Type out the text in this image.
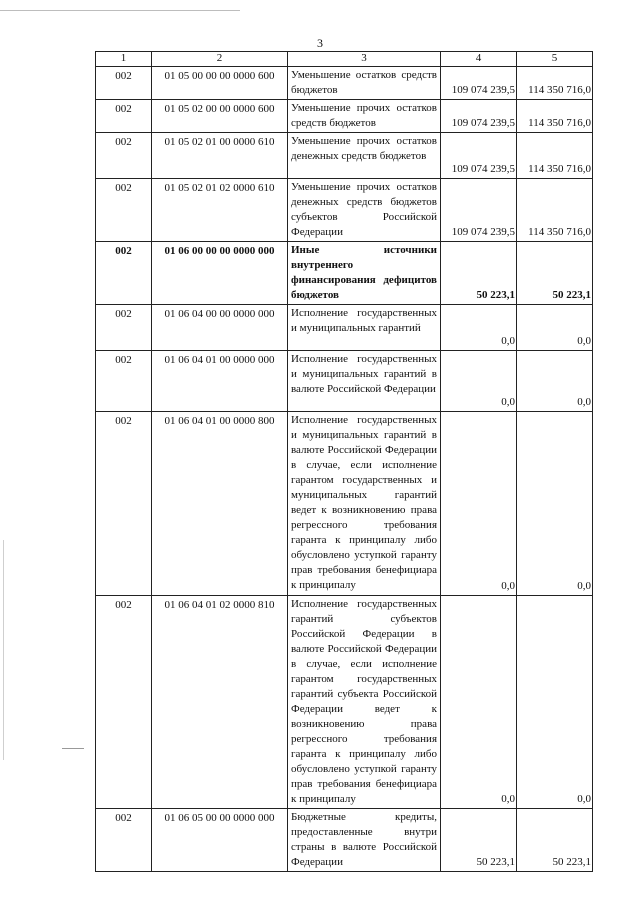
3
1	2	3	4	5
002	01 05 00 00 00 0000 600	Уменьшение остатков средств бюджетов	109 074 239,5	114 350 716,0
002	01 05 02 00 00 0000 600	Уменьшение прочих остатков средств бюджетов	109 074 239,5	114 350 716,0
002	01 05 02 01 00 0000 610	Уменьшение прочих остатков денежных средств бюджетов	109 074 239,5	114 350 716,0
002	01 05 02 01 02 0000 610	Уменьшение прочих остатков денежных средств бюджетов субъектов Российской Федерации	109 074 239,5	114 350 716,0
002	01 06 00 00 00 0000 000	Иные источники внутреннего финансирования дефицитов бюджетов	50 223,1	50 223,1
002	01 06 04 00 00 0000 000	Исполнение государственных и муниципальных гарантий	0,0	0,0
002	01 06 04 01 00 0000 000	Исполнение государственных и муниципальных гарантий в валюте Российской Федерации	0,0	0,0
002	01 06 04 01 00 0000 800	Исполнение государственных и муниципальных гарантий в валюте Российской Федерации в случае, если исполнение гарантом государственных и муниципальных гарантий ведет к возникновению права регрессного требования гаранта к принципалу либо обусловлено уступкой гаранту прав требования бенефициара к принципалу	0,0	0,0
002	01 06 04 01 02 0000 810	Исполнение государственных гарантий субъектов Российской Федерации в валюте Российской Федерации в случае, если исполнение гарантом государственных гарантий субъекта Российской Федерации ведет к возникновению права регрессного требования гаранта к принципалу либо обусловлено уступкой гаранту прав требования бенефициара к принципалу	0,0	0,0
002	01 06 05 00 00 0000 000	Бюджетные кредиты, предоставленные внутри страны в валюте Российской Федерации	50 223,1	50 223,1
